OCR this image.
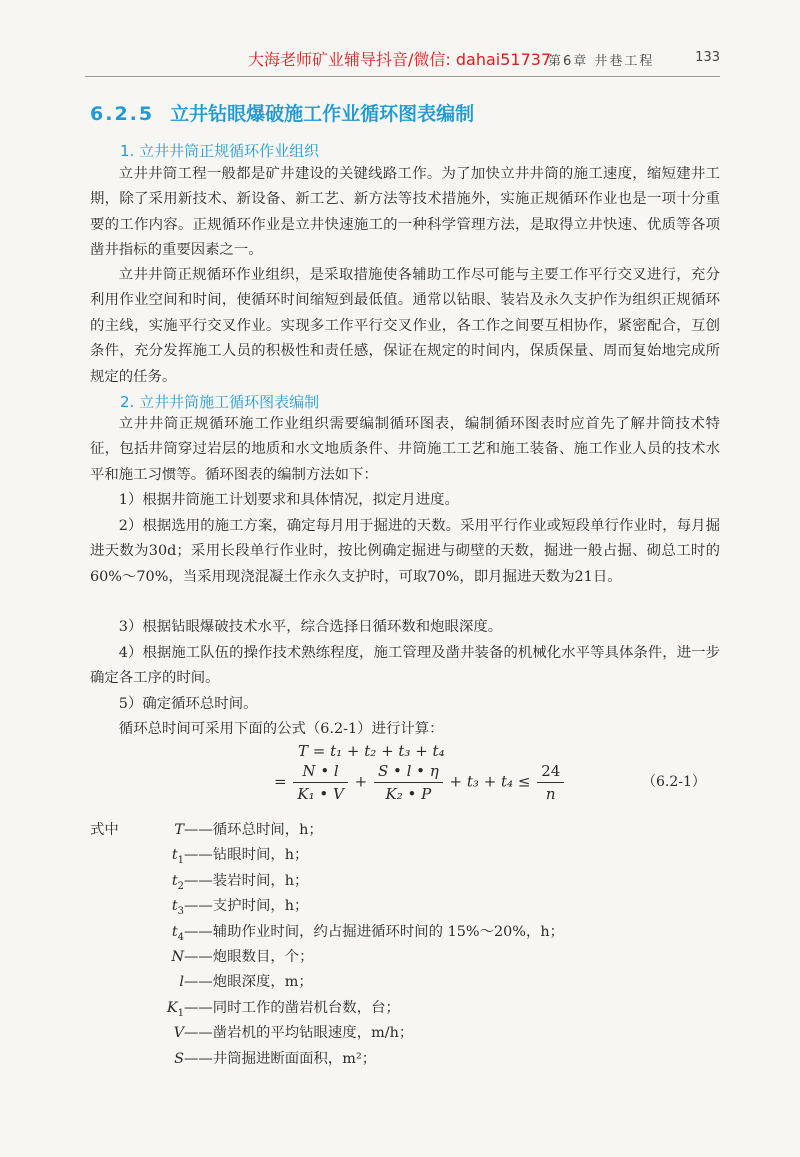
大海老师矿业辅导抖音/微信: dahai51737
第6章 井巷工程	133
6.2.5 立井钻眼爆破施工作业循环图表编制
1. 立井井筒正规循环作业组织

立井井筒工程一般都是矿井建设的关键线路工作。为了加快立井井筒的施工速度，缩短建井工期，除了采用新技术、新设备、新工艺、新方法等技术措施外，实施正规循环作业也是一项十分重要的工作内容。正规循环作业是立井快速施工的一种科学管理方法，是取得立井快速、优质等各项凿井指标的重要因素之一。

立井井筒正规循环作业组织，是采取措施使各辅助工作尽可能与主要工作平行交叉进行，充分利用作业空间和时间，使循环时间缩短到最低值。通常以钻眼、装岩及永久支护作为组织正规循环的主线，实施平行交叉作业。实现多工作平行交叉作业，各工作之间要互相协作，紧密配合，互创条件，充分发挥施工人员的积极性和责任感，保证在规定的时间内，保质保量、周而复始地完成所规定的任务。

2. 立井井筒施工循环图表编制

立井井筒正规循环施工作业组织需要编制循环图表，编制循环图表时应首先了解井筒技术特征，包括井筒穿过岩层的地质和水文地质条件、井筒施工工艺和施工装备、施工作业人员的技术水平和施工习惯等。循环图表的编制方法如下：

1）根据井筒施工计划要求和具体情况，拟定月进度。

2）根据选用的施工方案，确定每月用于掘进的天数。采用平行作业或短段单行作业时，每月掘进天数为30d；采用长段单行作业时，按比例确定掘进与砌壁的天数，掘进一般占掘、砌总工时的60%～70%，当采用现浇混凝土作永久支护时，可取70%，即月掘进天数为21日。

3）根据钻眼爆破技术水平，综合选择日循环数和炮眼深度。

4）根据施工队伍的操作技术熟练程度，施工管理及凿井装备的机械化水平等具体条件，进一步确定各工序的时间。

5）确定循环总时间。

循环总时间可采用下面的公式（6.2-1）进行计算：

T = t₁ + t₂ + t₃ + t₄
= $\frac{N • l}{\text{K₁ • V}} + \frac{S • l • \eta}{\text{K₂ • P}} + t_3 + t_4 \le \frac{24}{n}$	（6.2-1）
式中	T——循环总时间，h；
$t_1——$钻眼时间，h；
$t_2——$装岩时间，h；
$t_3——$支护时间，h；
$t_4——$辅助作业时间，约占掘进循环时间的 15%～20%，h；
N——炮眼数目，个；
l——炮眼深度，m；
$K_1——$同时工作的凿岩机台数，台；
V——凿岩机的平均钻眼速度，m/h；
S——井筒掘进断面面积，m²；
